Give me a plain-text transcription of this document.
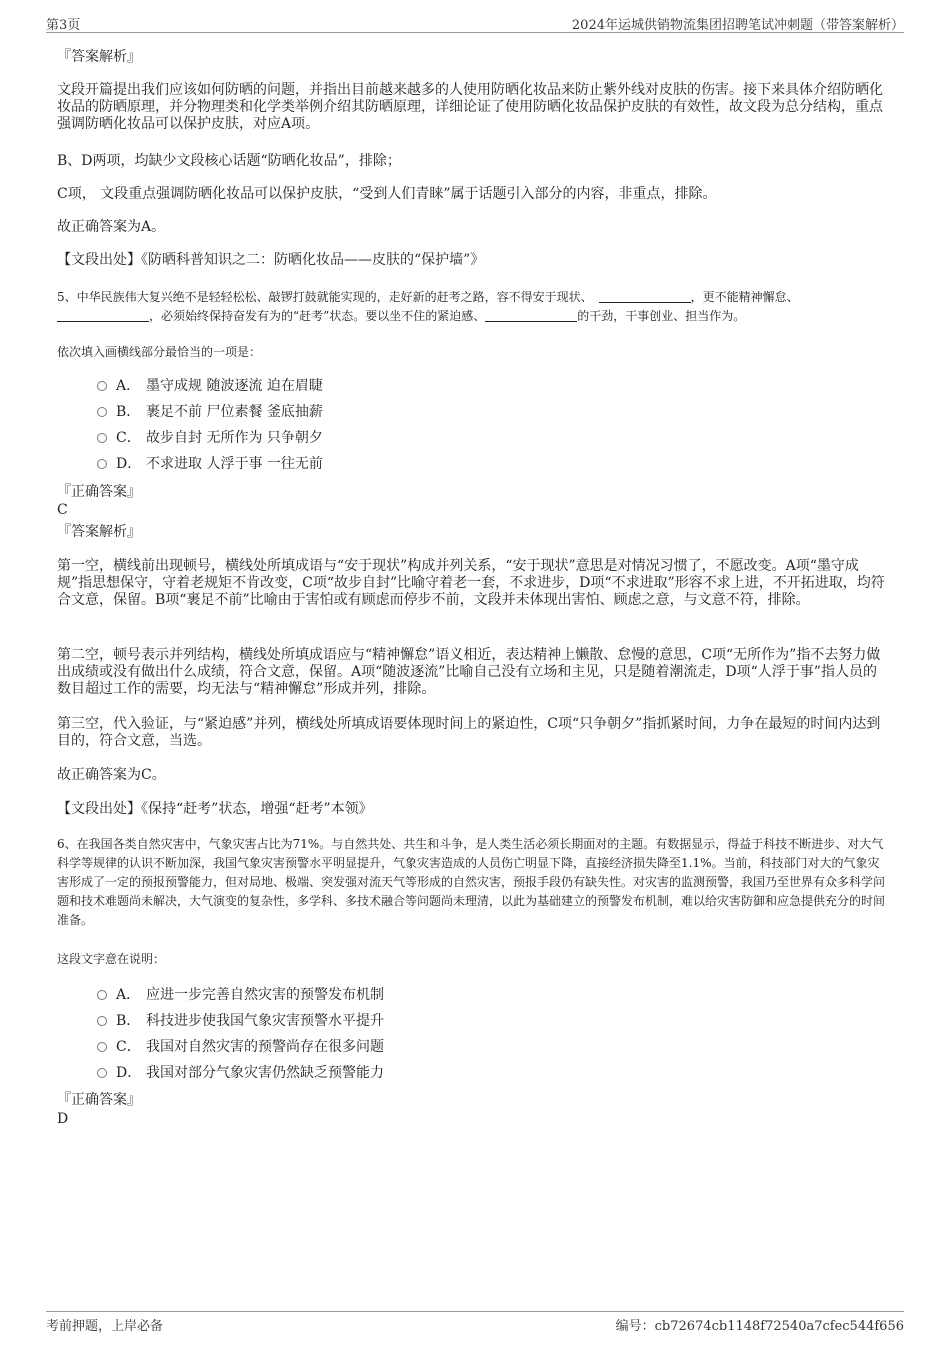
第3页	2024年运城供销物流集团招聘笔试冲刺题（带答案解析）
『答案解析』
文段开篇提出我们应该如何防晒的问题，并指出目前越来越多的人使用防晒化妆品来防止紫外线对皮肤的伤害。接下来具体介绍防晒化妆品的防晒原理，并分物理类和化学类举例介绍其防晒原理，详细论证了使用防晒化妆品保护皮肤的有效性，故文段为总分结构，重点强调防晒化妆品可以保护皮肤，对应A项。
B、D两项，均缺少文段核心话题“防晒化妆品”，排除；
C项， 文段重点强调防晒化妆品可以保护皮肤，“受到人们青睐”属于话题引入部分的内容，非重点，排除。
故正确答案为A。
【文段出处】《防晒科普知识之二：防晒化妆品——皮肤的“保护墙”》
5、中华民族伟大复兴绝不是轻轻松松、敲锣打鼓就能实现的，走好新的赶考之路，容不得安于现状、	，更不能精神懈怠、，必须始终保持奋发有为的“赶考”状态。要以坐不住的紧迫感、	的干劲，干事创业、担当作为。
依次填入画横线部分最恰当的一项是：
A． 墨守成规 随波逐流 迫在眉睫
B． 裹足不前 尸位素餐 釜底抽薪
C． 故步自封 无所作为 只争朝夕
D． 不求进取 人浮于事 一往无前
『正确答案』
C
『答案解析』
第一空，横线前出现顿号，横线处所填成语与“安于现状”构成并列关系，“安于现状”意思是对情况习惯了，不愿改变。A项“墨守成规”指思想保守，守着老规矩不肯改变，C项“故步自封”比喻守着老一套，不求进步，D项“不求进取”形容不求上进，不开拓进取，均符合文意，保留。B项“裹足不前”比喻由于害怕或有顾虑而停步不前，文段并未体现出害怕、顾虑之意，与文意不符，排除。
第二空，顿号表示并列结构，横线处所填成语应与“精神懈怠”语义相近，表达精神上懒散、怠慢的意思，C项“无所作为”指不去努力做出成绩或没有做出什么成绩，符合文意，保留。A项“随波逐流”比喻自己没有立场和主见，只是随着潮流走，D项“人浮于事”指人员的数目超过工作的需要，均无法与“精神懈怠”形成并列，排除。
第三空，代入验证，与“紧迫感”并列，横线处所填成语要体现时间上的紧迫性，C项“只争朝夕”指抓紧时间，力争在最短的时间内达到目的，符合文意，当选。
故正确答案为C。
【文段出处】《保持“赶考”状态，增强“赶考”本领》
6、在我国各类自然灾害中，气象灾害占比为71%。与自然共处、共生和斗争，是人类生活必须长期面对的主题。有数据显示，得益于科技不断进步、对大气科学等规律的认识不断加深，我国气象灾害预警水平明显提升，气象灾害造成的人员伤亡明显下降，直接经济损失降至1.1%。当前，科技部门对大的气象灾害形成了一定的预报预警能力，但对局地、极端、突发强对流天气等形成的自然灾害，预报手段仍有缺失性。对灾害的监测预警，我国乃至世界有众多科学问题和技术难题尚未解决，大气演变的复杂性，多学科、多技术融合等问题尚未理清，以此为基础建立的预警发布机制，难以给灾害防御和应急提供充分的时间准备。
这段文字意在说明：
A． 应进一步完善自然灾害的预警发布机制
B． 科技进步使我国气象灾害预警水平提升
C． 我国对自然灾害的预警尚存在很多问题
D． 我国对部分气象灾害仍然缺乏预警能力
『正确答案』
D
考前押题，上岸必备	编号：cb72674cb1148f72540a7cfec544f656
